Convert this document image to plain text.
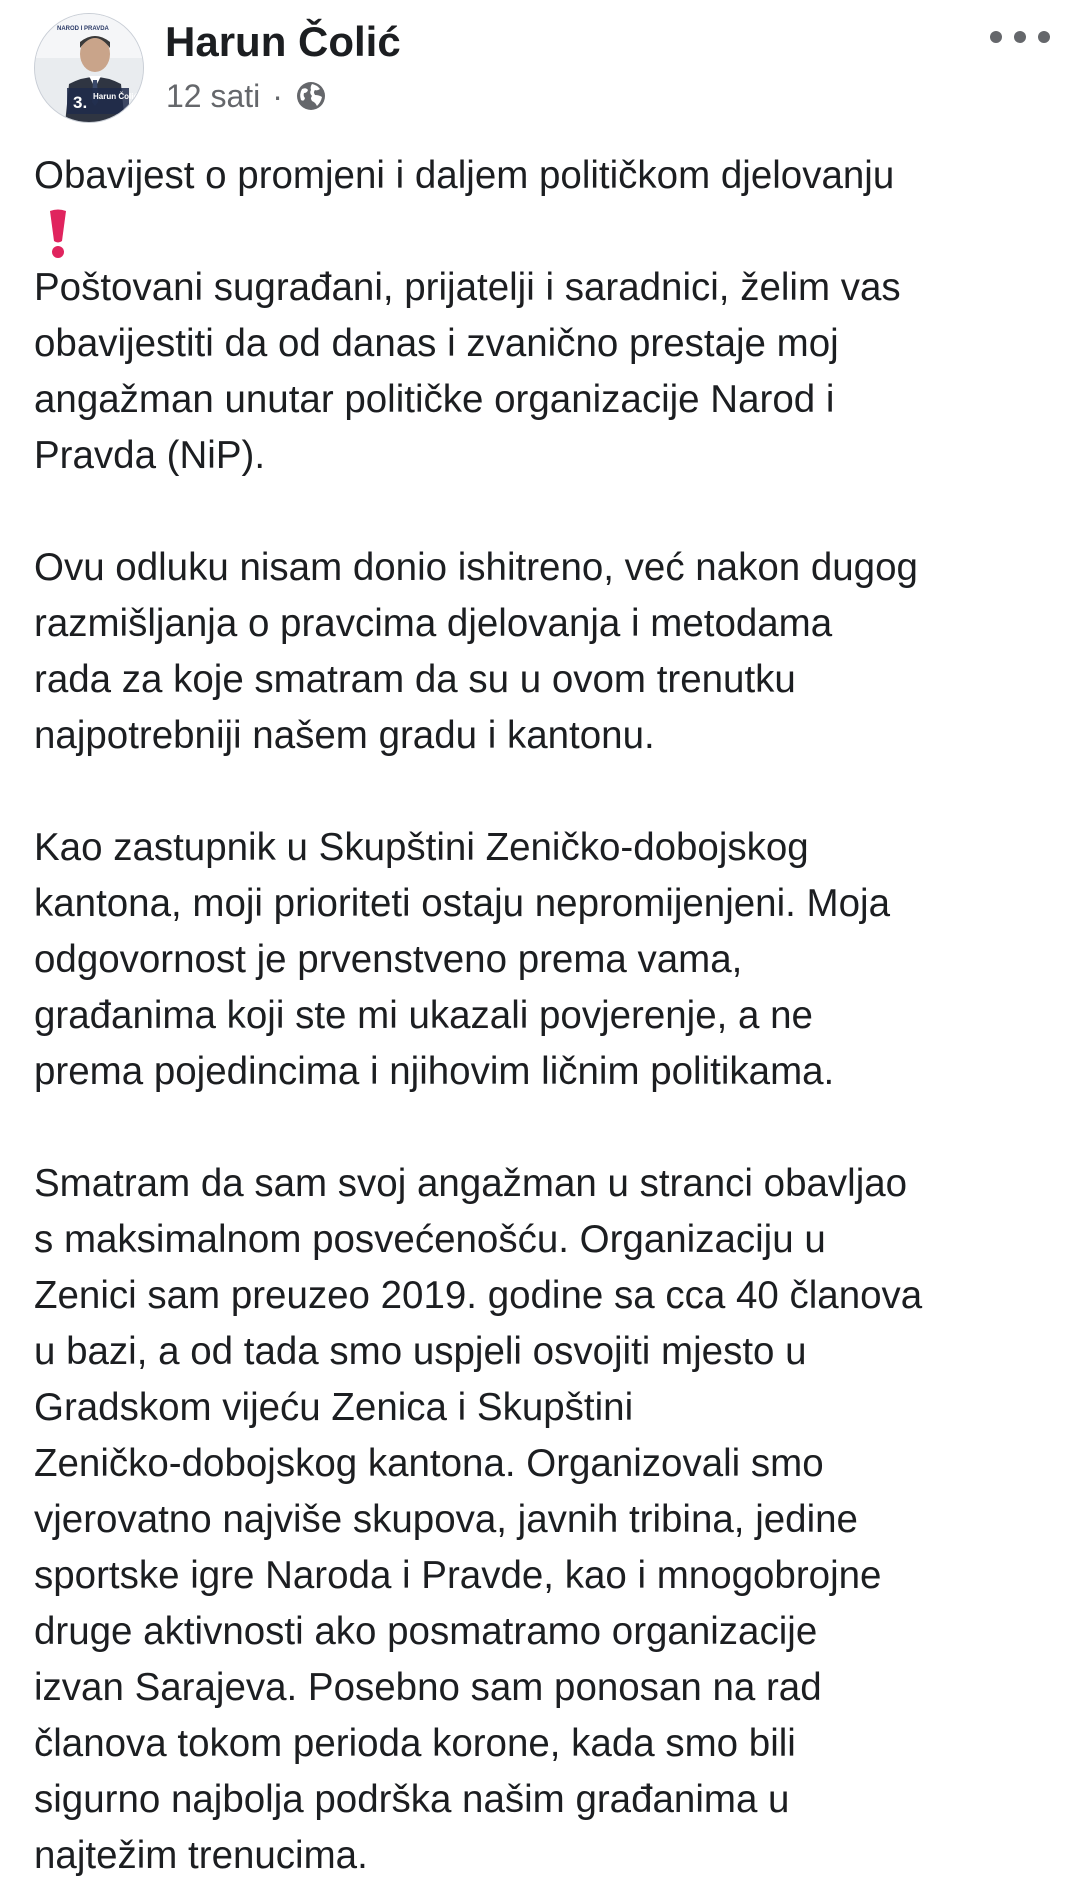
NAROD I PRAVDA
3. Harun Čolić
Harun Čolić
12 sati ·

Obavijest o promjeni i daljem političkom djelovanju

Poštovani sugrađani, prijatelji i saradnici, želim vas
obavijestiti da od danas i zvanično prestaje moj
angažman unutar političke organizacije Narod i
Pravda (NiP).

Ovu odluku nisam donio ishitreno, već nakon dugog
razmišljanja o pravcima djelovanja i metodama
rada za koje smatram da su u ovom trenutku
najpotrebniji našem gradu i kantonu.

Kao zastupnik u Skupštini Zeničko-dobojskog
kantona, moji prioriteti ostaju nepromijenjeni. Moja
odgovornost je prvenstveno prema vama,
građanima koji ste mi ukazali povjerenje, a ne
prema pojedincima i njihovim ličnim politikama.

Smatram da sam svoj angažman u stranci obavljao
s maksimalnom posvećenošću. Organizaciju u
Zenici sam preuzeo 2019. godine sa cca 40 članova
u bazi, a od tada smo uspjeli osvojiti mjesto u
Gradskom vijeću Zenica i Skupštini
Zeničko-dobojskog kantona. Organizovali smo
vjerovatno najviše skupova, javnih tribina, jedine
sportske igre Naroda i Pravde, kao i mnogobrojne
druge aktivnosti ako posmatramo organizacije
izvan Sarajeva. Posebno sam ponosan na rad
članova tokom perioda korone, kada smo bili
sigurno najbolja podrška našim građanima u
najtežim trenucima.
